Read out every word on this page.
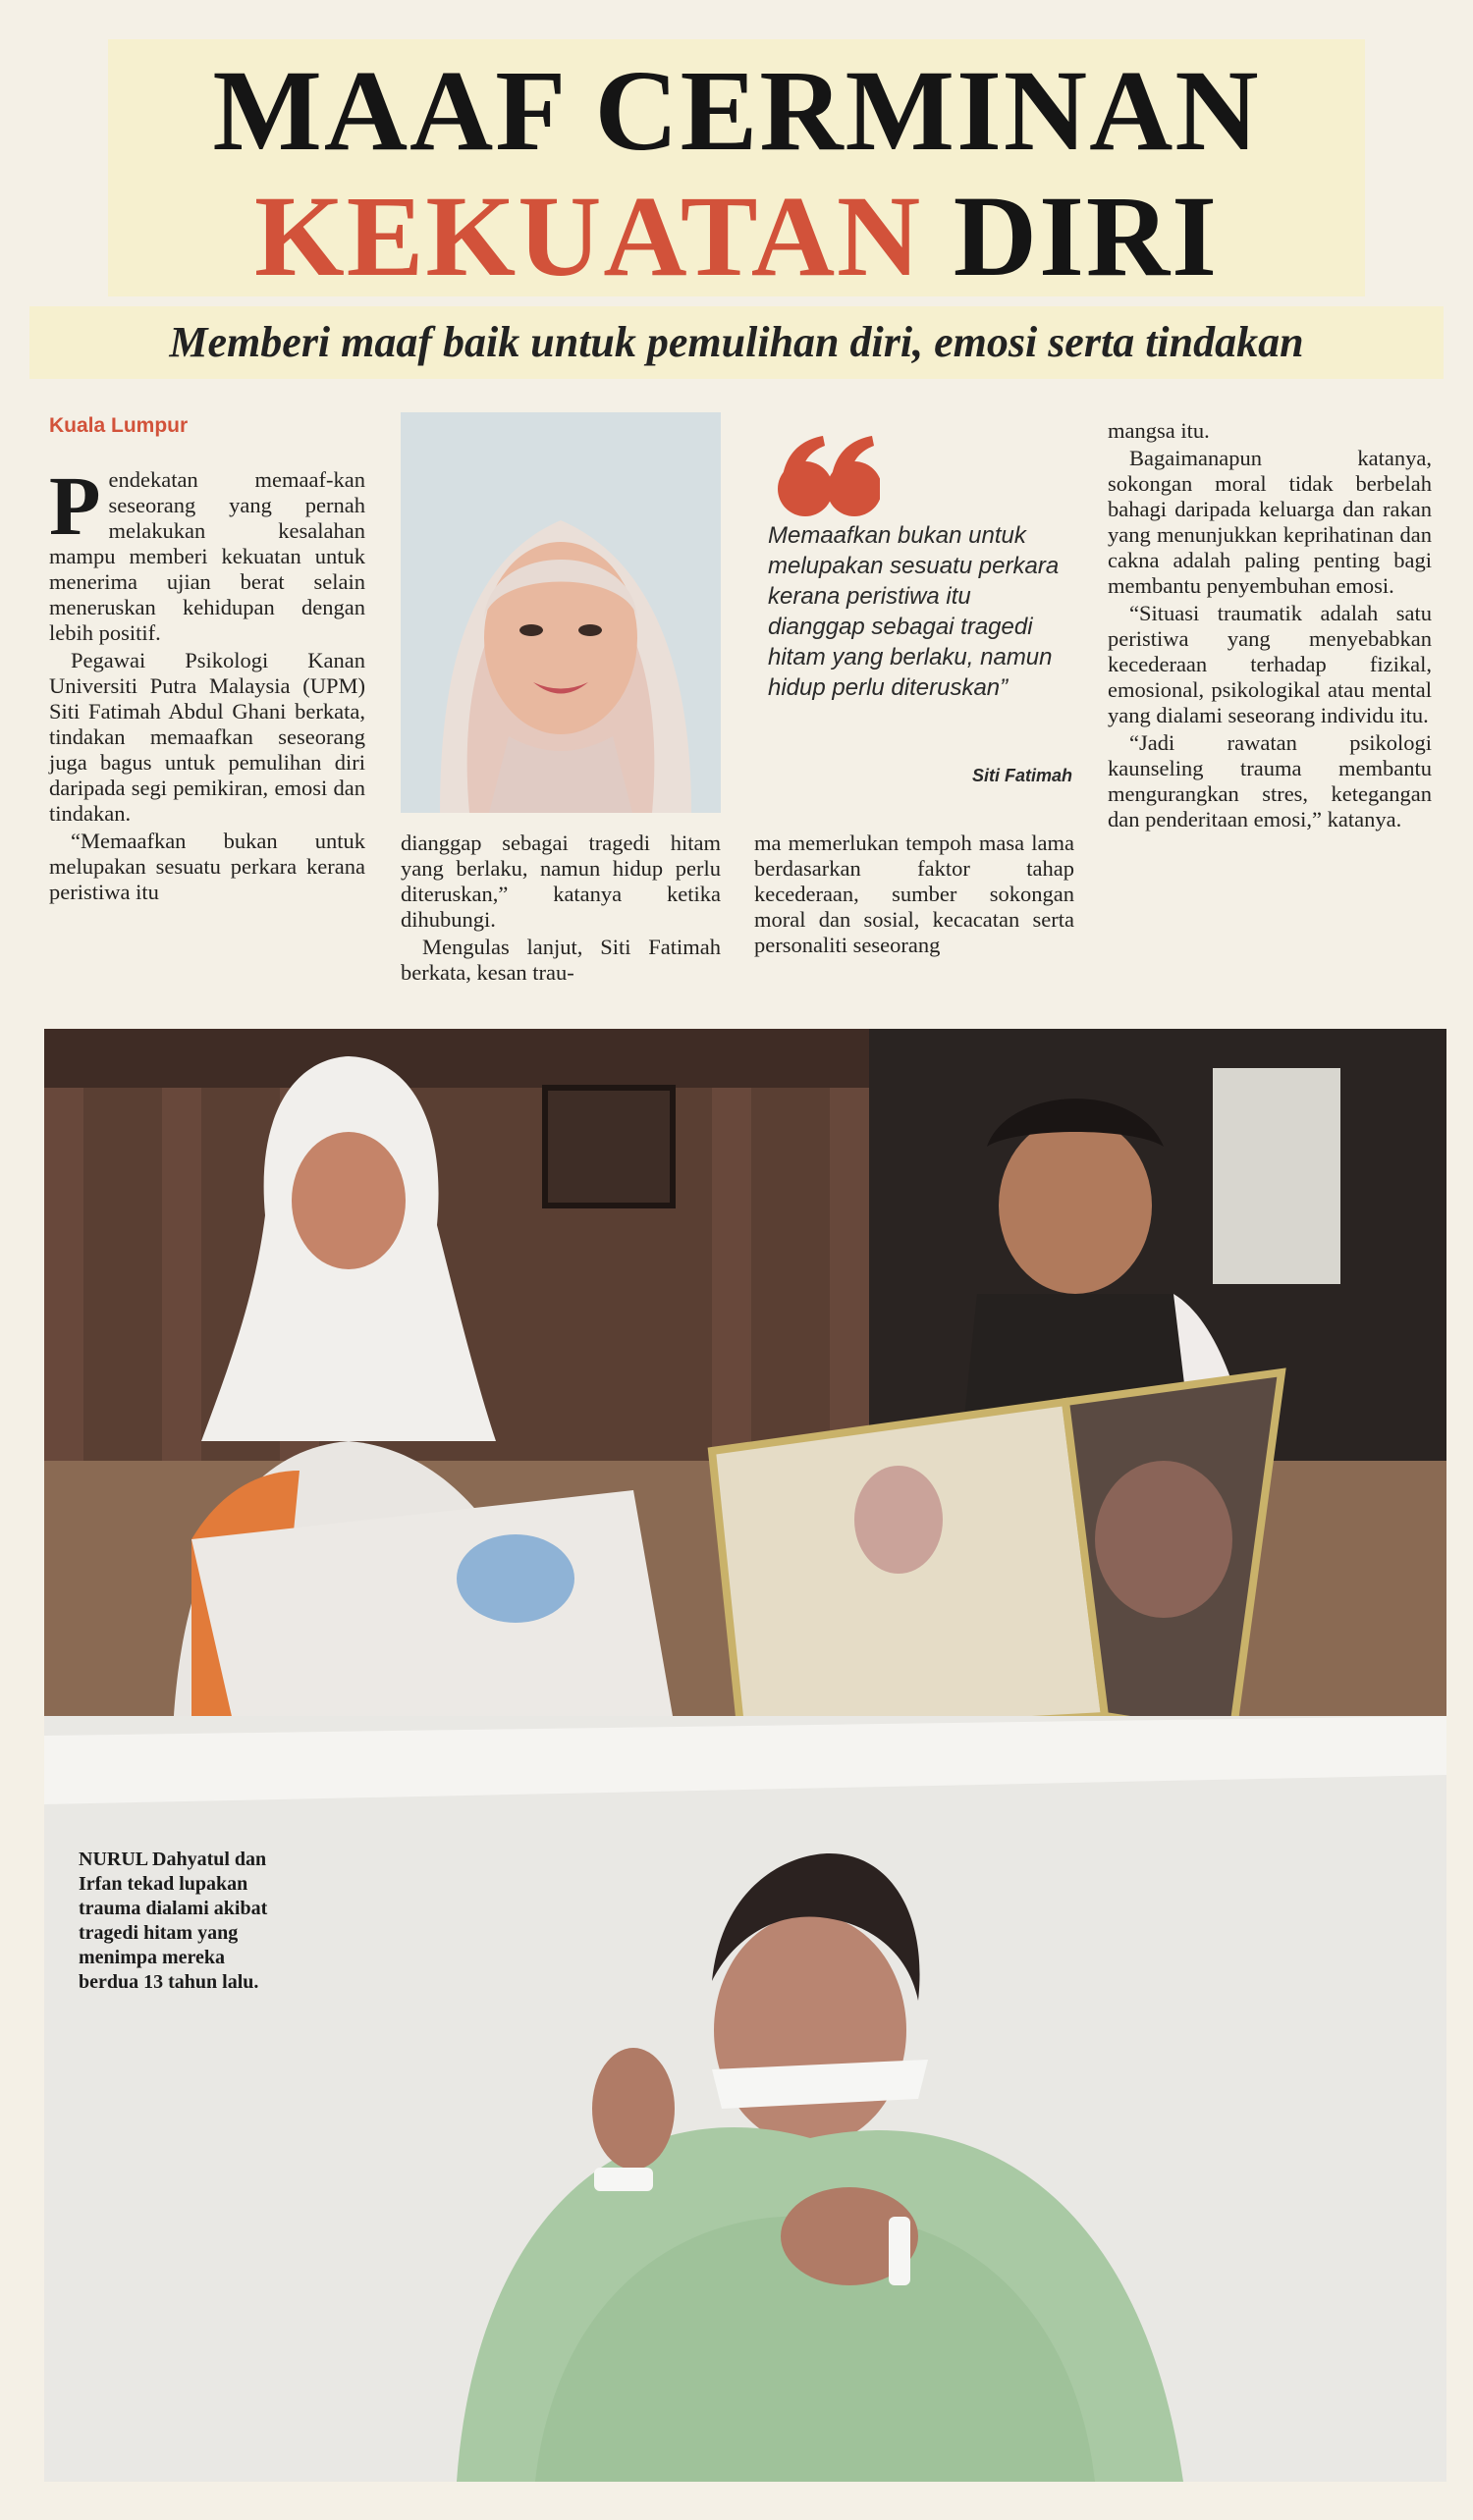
MAAF CERMINAN
KEKUATAN DIRI
Memberi maaf baik untuk pemulihan diri, emosi serta tindakan
Kuala Lumpur

Pendekatan memaaf-kan seseorang yang pernah melakukan kesalahan mampu memberi kekuatan untuk menerima ujian berat selain meneruskan kehidupan dengan lebih positif.

Pegawai Psikologi Kanan Universiti Putra Malaysia (UPM) Siti Fatimah Abdul Ghani berkata, tindakan memaafkan seseorang juga bagus untuk pemulihan diri daripada segi pemikiran, emosi dan tindakan.

“Memaafkan bukan untuk melupakan sesuatu perkara kerana peristiwa itu

dianggap sebagai tragedi hitam yang berlaku, namun hidup perlu diteruskan,” katanya ketika dihubungi.

Mengulas lanjut, Siti Fatimah berkata, kesan trau-

Memaafkan bukan untuk melupakan sesuatu perkara kerana peristiwa itu dianggap sebagai tragedi hitam yang berlaku, namun hidup perlu diteruskan”
Siti Fatimah

ma memerlukan tempoh masa lama berdasarkan faktor tahap kecederaan, sumber sokongan moral dan sosial, kecacatan serta personaliti seseorang

mangsa itu.

Bagaimanapun katanya, sokongan moral tidak berbelah bahagi daripada keluarga dan rakan yang menunjukkan keprihatinan dan cakna adalah paling penting bagi membantu penyembuhan emosi.

“Situasi traumatik adalah satu peristiwa yang menyebabkan kecederaan terhadap fizikal, emosional, psikologikal atau mental yang dialami seseorang individu itu.

“Jadi rawatan psikologi kaunseling trauma membantu mengurangkan stres, ketegangan dan penderitaan emosi,” katanya.

NURUL Dahyatul dan Irfan tekad lupakan trauma dialami akibat tragedi hitam yang menimpa mereka berdua 13 tahun lalu.
